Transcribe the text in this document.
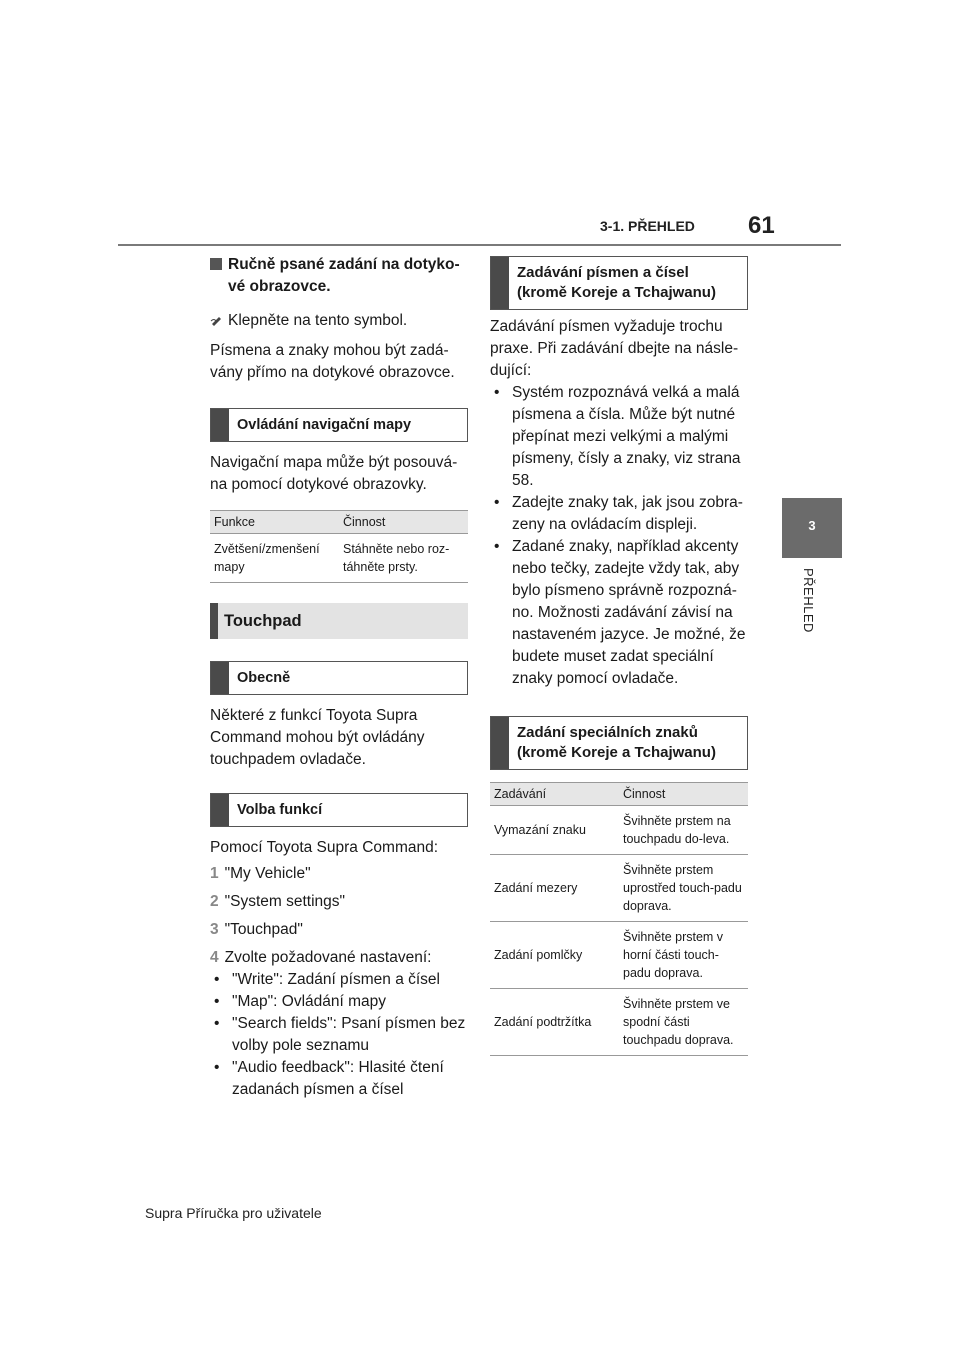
3-1. PŘEHLED 61
3
PŘEHLED
Ručně psané zadání na dotyko-vé obrazovce.

Klepněte na tento symbol.

Písmena a znaky mohou být zadá-vány přímo na dotykové obrazovce.

Ovládání navigační mapy

Navigační mapa může být posouvá-na pomocí dotykové obrazovky.

Funkce	Činnost
Zvětšení/zmenšení mapy	Stáhněte nebo roz-táhněte prsty.
Touchpad
Obecně

Některé z funkcí Toyota Supra Command mohou být ovládány touchpadem ovladače.

Volba funkcí

Pomocí Toyota Supra Command:

1 "My Vehicle"
2 "System settings"
3 "Touchpad"
4 Zvolte požadované nastavení:
• "Write": Zadání písmen a čísel
• "Map": Ovládání mapy
• "Search fields": Psaní písmen bez volby pole seznamu
• "Audio feedback": Hlasité čtení zadanách písmen a čísel
Zadávání písmen a čísel (kromě Koreje a Tchajwanu)

Zadávání písmen vyžaduje trochu praxe. Při zadávání dbejte na násle-dující:

• Systém rozpoznává velká a malá písmena a čísla. Může být nutné přepínat mezi velkými a malými písmeny, čísly a znaky, viz strana 58.
• Zadejte znaky tak, jak jsou zobra-zeny na ovládacím displeji.
• Zadané znaky, například akcenty nebo tečky, zadejte vždy tak, aby bylo písmeno správně rozpozná-no. Možnosti zadávání závisí na nastaveném jazyce. Je možné, že budete muset zadat speciální znaky pomocí ovladače.
Zadání speciálních znaků (kromě Koreje a Tchajwanu)
Zadávání	Činnost
Vymazání znaku	Švihněte prstem na touchpadu do-leva.
Zadání mezery	Švihněte prstem uprostřed touch-padu doprava.
Zadání pomlčky	Švihněte prstem v horní části touch-padu doprava.
Zadání podtržítka	Švihněte prstem ve spodní části touchpadu doprava.
Supra Příručka pro uživatele
